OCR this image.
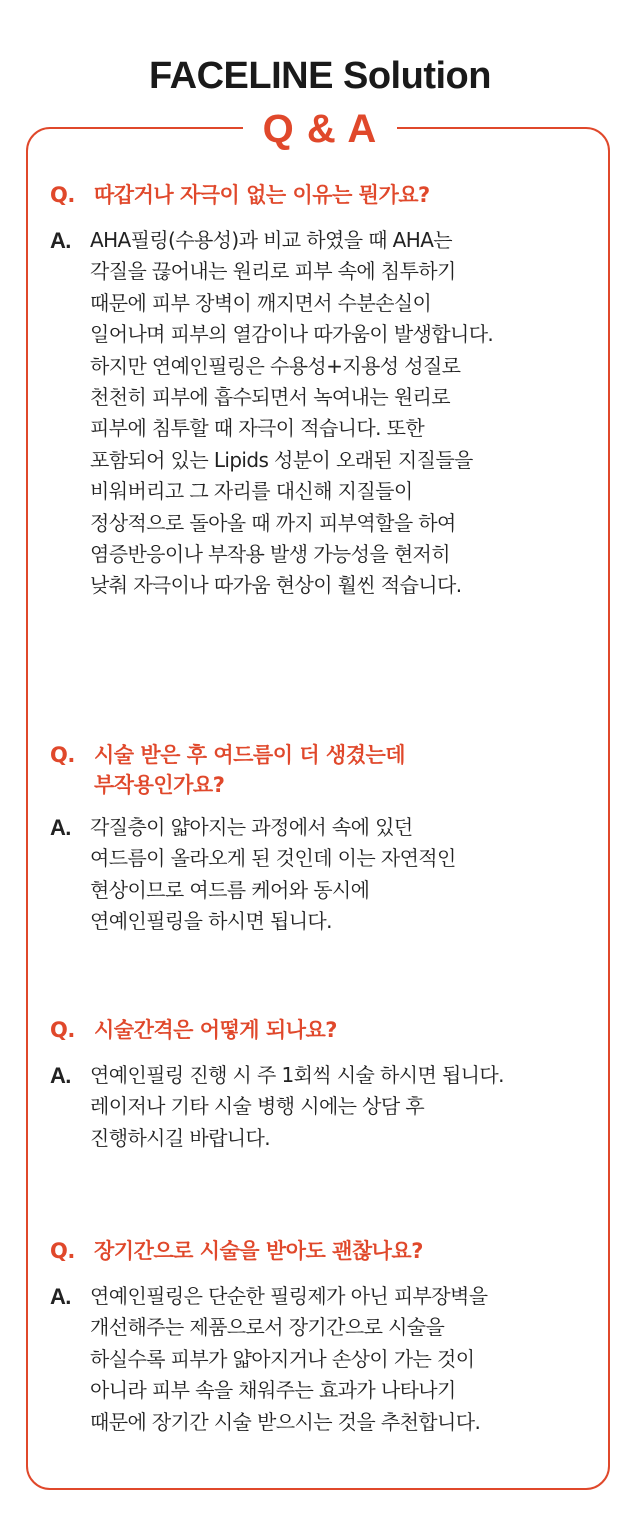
FACELINE Solution
Q & A
Q. 따갑거나 자극이 없는 이유는 뭔가요?
A. AHA필링(수용성)과 비교 하였을 때 AHA는
각질을 끊어내는 원리로 피부 속에 침투하기
때문에 피부 장벽이 깨지면서 수분손실이
일어나며 피부의 열감이나 따가움이 발생합니다.
하지만 연예인필링은 수용성+지용성 성질로
천천히 피부에 흡수되면서 녹여내는 원리로
피부에 침투할 때 자극이 적습니다. 또한
포함되어 있는 Lipids 성분이 오래된 지질들을
비워버리고 그 자리를 대신해 지질들이
정상적으로 돌아올 때 까지 피부역할을 하여
염증반응이나 부작용 발생 가능성을 현저히
낮춰 자극이나 따가움 현상이 훨씬 적습니다.
Q. 시술 받은 후 여드름이 더 생겼는데
부작용인가요?
A. 각질층이 얇아지는 과정에서 속에 있던
여드름이 올라오게 된 것인데 이는 자연적인
현상이므로 여드름 케어와 동시에
연예인필링을 하시면 됩니다.
Q. 시술간격은 어떻게 되나요?
A. 연예인필링 진행 시 주 1회씩 시술 하시면 됩니다.
레이저나 기타 시술 병행 시에는 상담 후
진행하시길 바랍니다.
Q. 장기간으로 시술을 받아도 괜찮나요?
A. 연예인필링은 단순한 필링제가 아닌 피부장벽을
개선해주는 제품으로서 장기간으로 시술을
하실수록 피부가 얇아지거나 손상이 가는 것이
아니라 피부 속을 채워주는 효과가 나타나기
때문에 장기간 시술 받으시는 것을 추천합니다.
